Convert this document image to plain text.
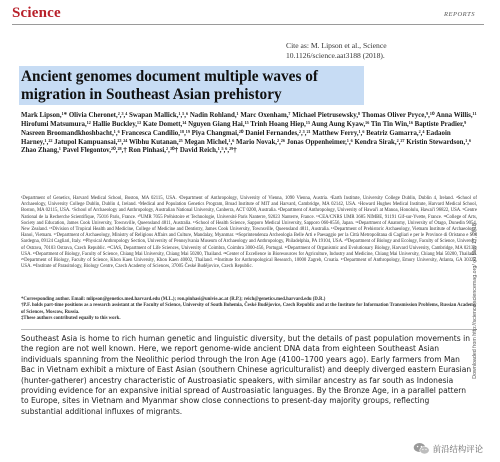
Science	REPORTS
Cite as: M. Lipson et al., Science
10.1126/science.aat3188 (2018).
Ancient genomes document multiple waves of migration in Southeast Asian prehistory
Mark Lipson,¹* Olivia Cheronet,²,³,⁴ Swapan Mallick,¹,⁵,⁶ Nadin Rohland,¹ Marc Oxenham,⁷ Michael Pietrusewsky,⁸ Thomas Oliver Pryce,⁹,¹⁰ Anna Willis,¹¹ Hirofumi Matsumura,¹² Hallie Buckley,¹³ Kate Domett,¹⁴ Nguyen Giang Hai,¹⁵ Trinh Hoang Hiep,¹⁵ Aung Aung Kyaw,¹⁶ Tin Tin Win,¹⁶ Baptiste Pradier,⁹ Nasreen Broomandkhoshbacht,¹,⁶ Francesca Candilio,¹⁸,¹⁹ Piya Changmai,²⁰ Daniel Fernandes,²,³,²¹ Matthew Ferry,¹,⁶ Beatriz Gamarra,²,⁴ Eadaoin Harney,¹,²² Jatupol Kampuansai,²³,²⁴ Wibhu Kutanan,²⁵ Megan Michel,¹,⁶ Mario Novak,²,²⁶ Jonas Oppenheimer,¹,⁶ Kendra Sirak,²,²⁷ Kristin Stewardson,¹,⁶ Zhao Zhang,¹ Pavel Flegontov,²⁰,²⁸,† Ron Pinhasi,²,³⁰† David Reich,¹,⁵,⁶,²⁹†
¹Department of Genetics, Harvard Medical School, Boston, MA 02115, USA. ²Department of Anthropology, University of Vienna, 1090 Vienna, Austria. ³Earth Institute, University College Dublin, Dublin 4, Ireland. ⁴School of Archaeology, University College Dublin, Dublin 4, Ireland. ⁵Medical and Population Genetics Program, Broad Institute of MIT and Harvard, Cambridge, MA 02142, USA. ⁶Howard Hughes Medical Institute, Harvard Medical School, Boston, MA 02115, USA. ⁷School of Archaeology and Anthropology, Australian National University, Canberra, ACT 0200, Australia. ⁸Department of Anthropology, University of Hawai'i at Manoa, Honolulu, Hawai'i 96822, USA. ⁹Centre National de la Recherche Scientifique, 75016 Paris, France. ¹⁰UMR 7055 Préhistoire et Technologie, Université Paris Nanterre, 92023 Nanterre, France. ¹¹CEA/CNRS UMR 3685 NIMBE, 91191 Gif-sur-Yvette, France. ¹²College of Arts, Society and Education, James Cook University, Townsville, Queensland 4811, Australia. ¹³School of Health Science, Sapporo Medical University, Sapporo 060-8556, Japan. ¹⁴Department of Anatomy, University of Otago, Dunedin 9054, New Zealand. ¹⁵Division of Tropical Health and Medicine, College of Medicine and Dentistry, James Cook University, Townsville, Queensland 4811, Australia. ¹⁶Department of Prehistoric Archaeology, Vietnam Institute of Archaeology, Hanoi, Vietnam. ¹⁷Department of Archaeology, Ministry of Religious Affairs and Culture, Mandalay, Myanmar. ¹⁸Soprintendenza Archeologia Belle Arti e Paesaggio per la Città Metropolitana di Cagliari e per le Province di Oristano e Sud Sardegna, 09124 Cagliari, Italy. ¹⁹Physical Anthropology Section, University of Pennsylvania Museum of Archaeology and Anthropology, Philadelphia, PA 19104, USA. ²⁰Department of Biology and Ecology, Faculty of Science, University of Ostrava, 70103 Ostrava, Czech Republic. ²¹CIAS, Department of Life Sciences, University of Coimbra, Coimbra 3000-456, Portugal. ²²Department of Organismic and Evolutionary Biology, Harvard University, Cambridge, MA 02138, USA. ²³Department of Biology, Faculty of Science, Chiang Mai University, Chiang Mai 50200, Thailand. ²⁴Center of Excellence in Bioresources for Agriculture, Industry and Medicine, Chiang Mai University, Chiang Mai 50200, Thailand. ²⁵Department of Biology, Faculty of Science, Khon Kaen University, Khon Kaen 40002, Thailand. ²⁶Institute for Anthropological Research, 10000 Zagreb, Croatia. ²⁷Department of Anthropology, Emory University, Atlanta, GA 30322, USA. ²⁸Institute of Parasitology, Biology Centre, Czech Academy of Sciences, 37005 České Budějovice, Czech Republic.

*Corresponding author. Email: mlipson@genetics.med.harvard.edu (M.L.); ron.pinhasi@univie.ac.at (R.P.); reich@genetics.med.harvard.edu (D.R.)

†P.F. holds part-time positions as a research assistant at the Faculty of Science, University of South Bohemia, České Budějovice, Czech Republic and at the Institute for Information Transmission Problems, Russian Academy of Sciences, Moscow, Russia.

‡These authors contributed equally to this work.

Southeast Asia is home to rich human genetic and linguistic diversity, but the details of past population movements in the region are not well known. Here, we report genome-wide ancient DNA data from eighteen Southeast Asian individuals spanning from the Neolithic period through the Iron Age (4100–1700 years ago). Early farmers from Man Bac in Vietnam exhibit a mixture of East Asian (southern Chinese agriculturalist) and deeply diverged eastern Eurasian (hunter-gatherer) ancestry characteristic of Austroasiatic speakers, with similar ancestry as far south as Indonesia providing evidence for an expansive initial spread of Austroasiatic languages. By the Bronze Age, in a parallel pattern to Europe, sites in Vietnam and Myanmar show close connections to present-day majority groups, reflecting substantial additional influxes of migrants.
Downloaded from http://science.sciencemag.org/ on May 17, 2018
前沿结构评论
